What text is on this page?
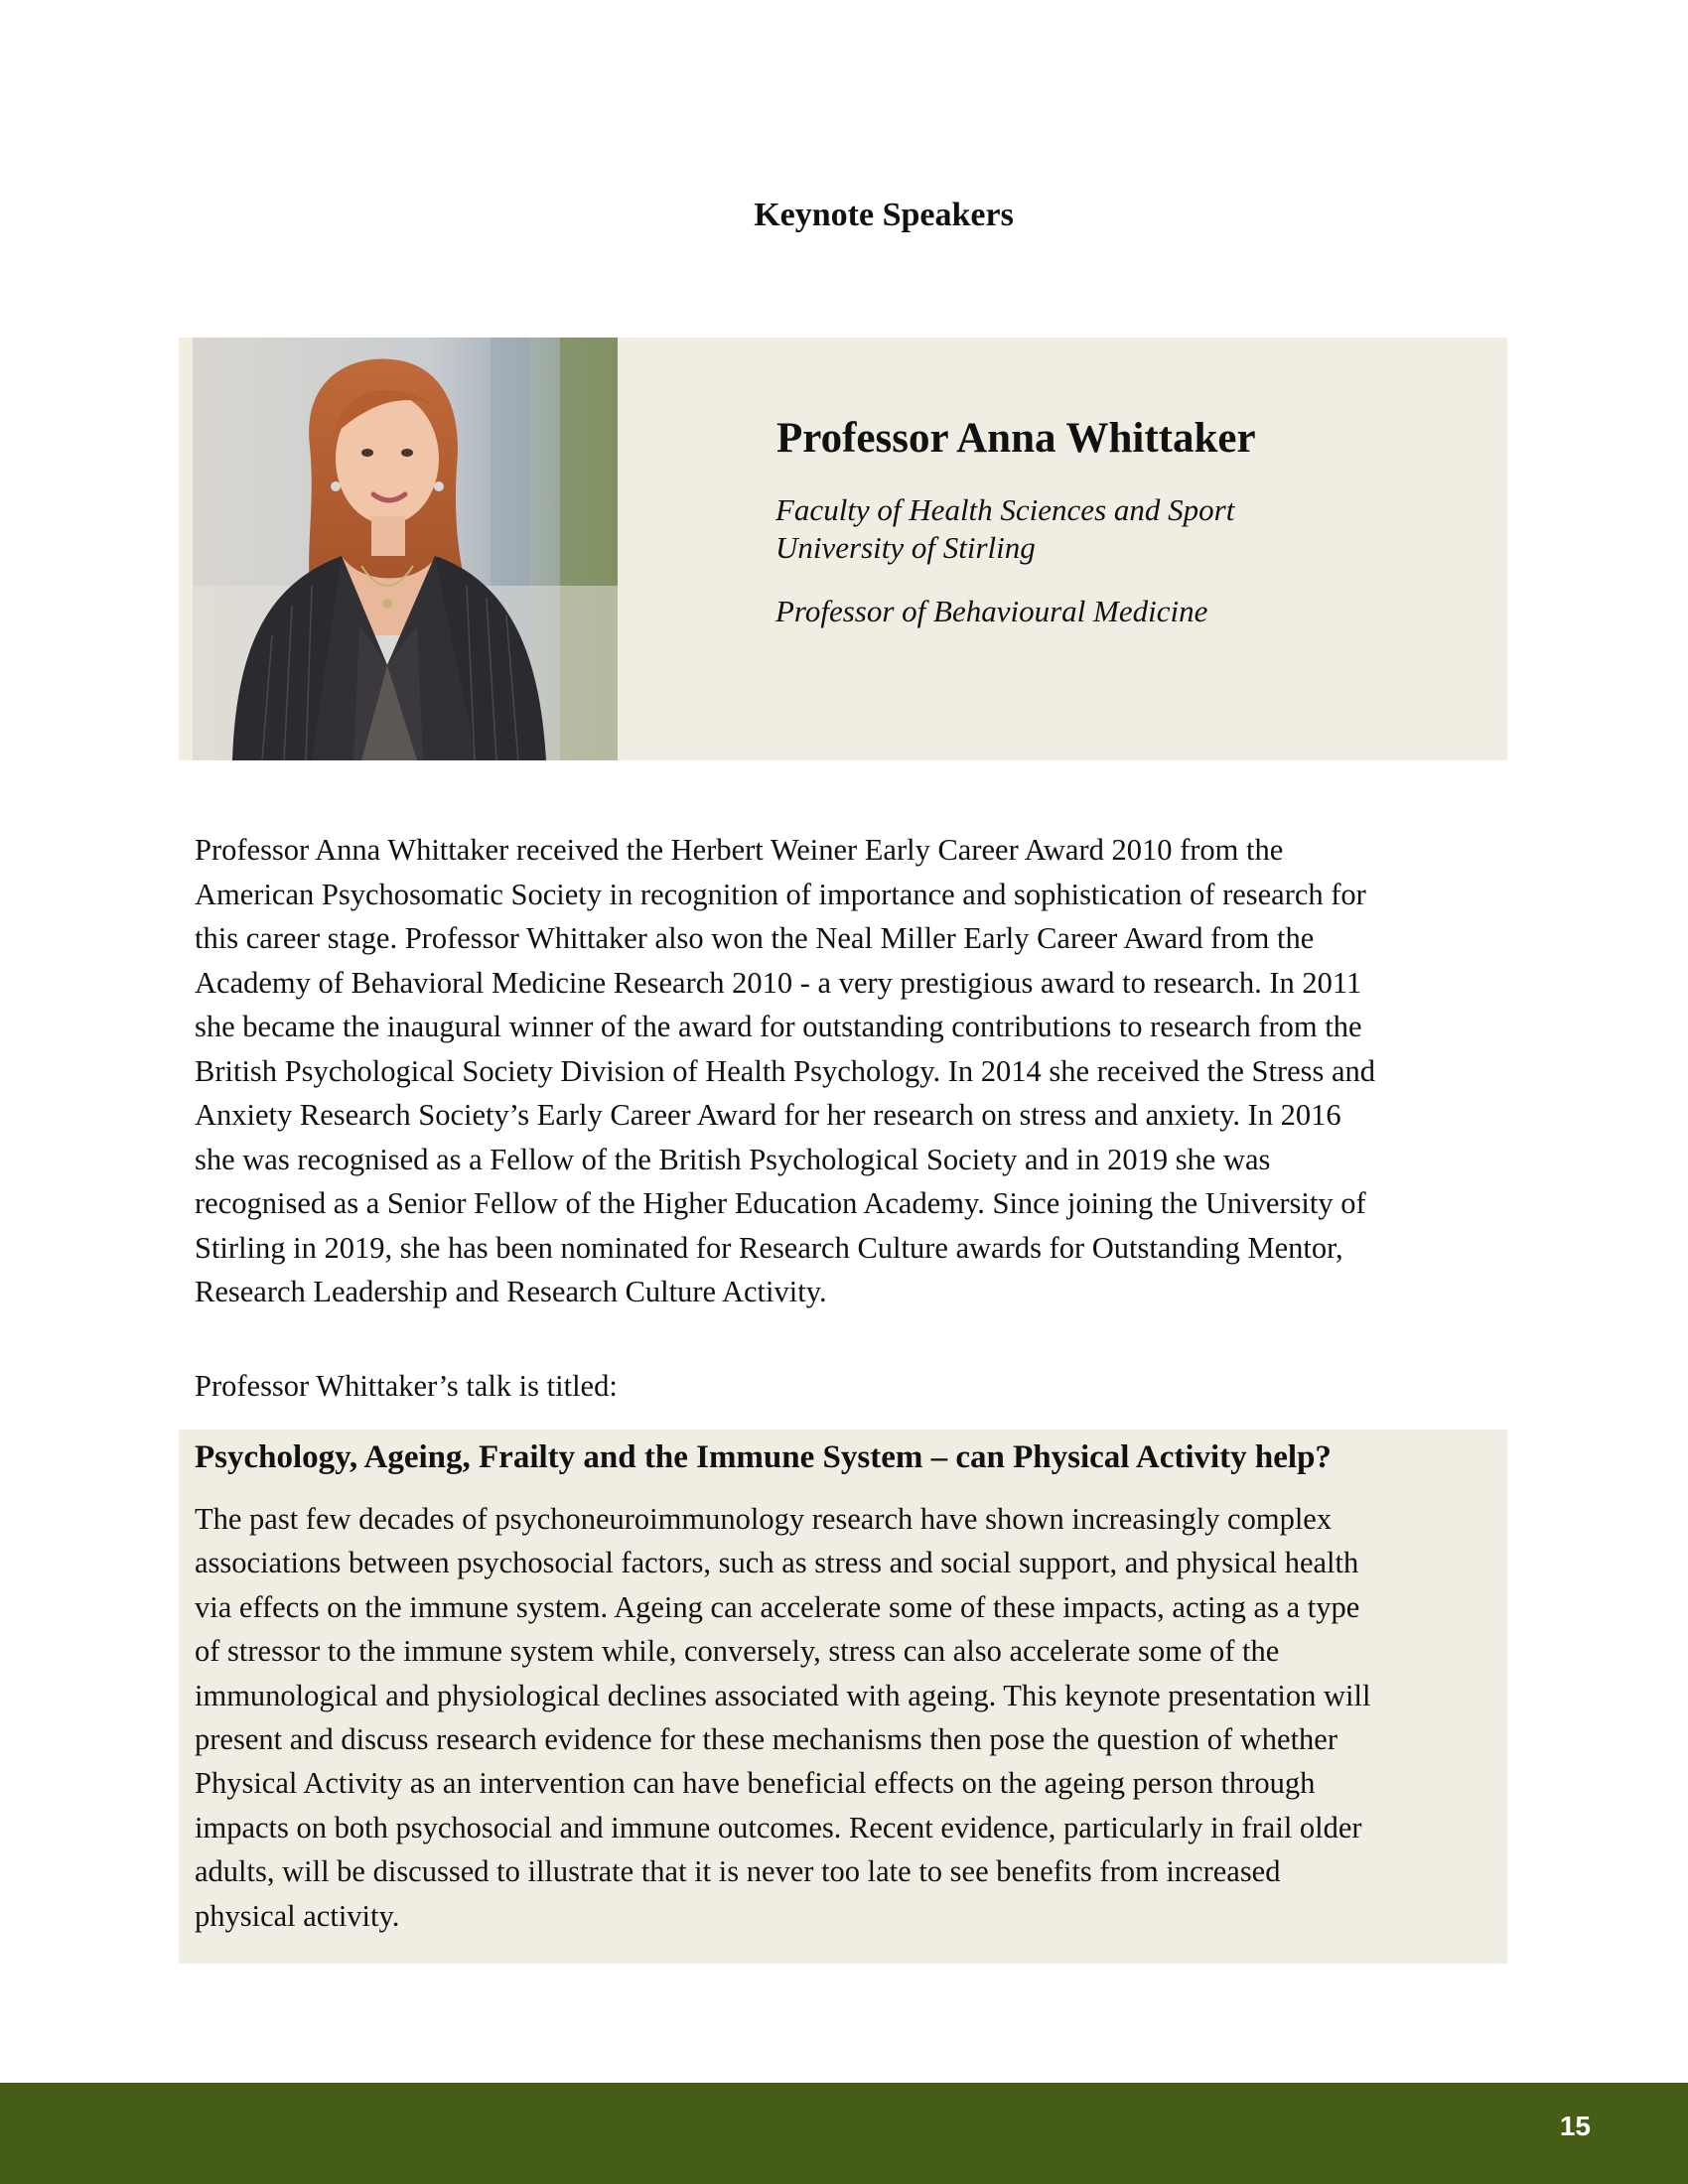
Keynote Speakers
Professor Anna Whittaker
Faculty of Health Sciences and Sport
University of Stirling
Professor of Behavioural Medicine

Professor Anna Whittaker received the Herbert Weiner Early Career Award 2010 from the
American Psychosomatic Society in recognition of importance and sophistication of research for
this career stage. Professor Whittaker also won the Neal Miller Early Career Award from the
Academy of Behavioral Medicine Research 2010 - a very prestigious award to research. In 2011
she became the inaugural winner of the award for outstanding contributions to research from the
British Psychological Society Division of Health Psychology. In 2014 she received the Stress and
Anxiety Research Society’s Early Career Award for her research on stress and anxiety. In 2016
she was recognised as a Fellow of the British Psychological Society and in 2019 she was
recognised as a Senior Fellow of the Higher Education Academy. Since joining the University of
Stirling in 2019, she has been nominated for Research Culture awards for Outstanding Mentor,
Research Leadership and Research Culture Activity.

Professor Whittaker’s talk is titled:

Psychology, Ageing, Frailty and the Immune System – can Physical Activity help?

The past few decades of psychoneuroimmunology research have shown increasingly complex
associations between psychosocial factors, such as stress and social support, and physical health
via effects on the immune system. Ageing can accelerate some of these impacts, acting as a type
of stressor to the immune system while, conversely, stress can also accelerate some of the
immunological and physiological declines associated with ageing. This keynote presentation will
present and discuss research evidence for these mechanisms then pose the question of whether
Physical Activity as an intervention can have beneficial effects on the ageing person through
impacts on both psychosocial and immune outcomes. Recent evidence, particularly in frail older
adults, will be discussed to illustrate that it is never too late to see benefits from increased
physical activity.

15
